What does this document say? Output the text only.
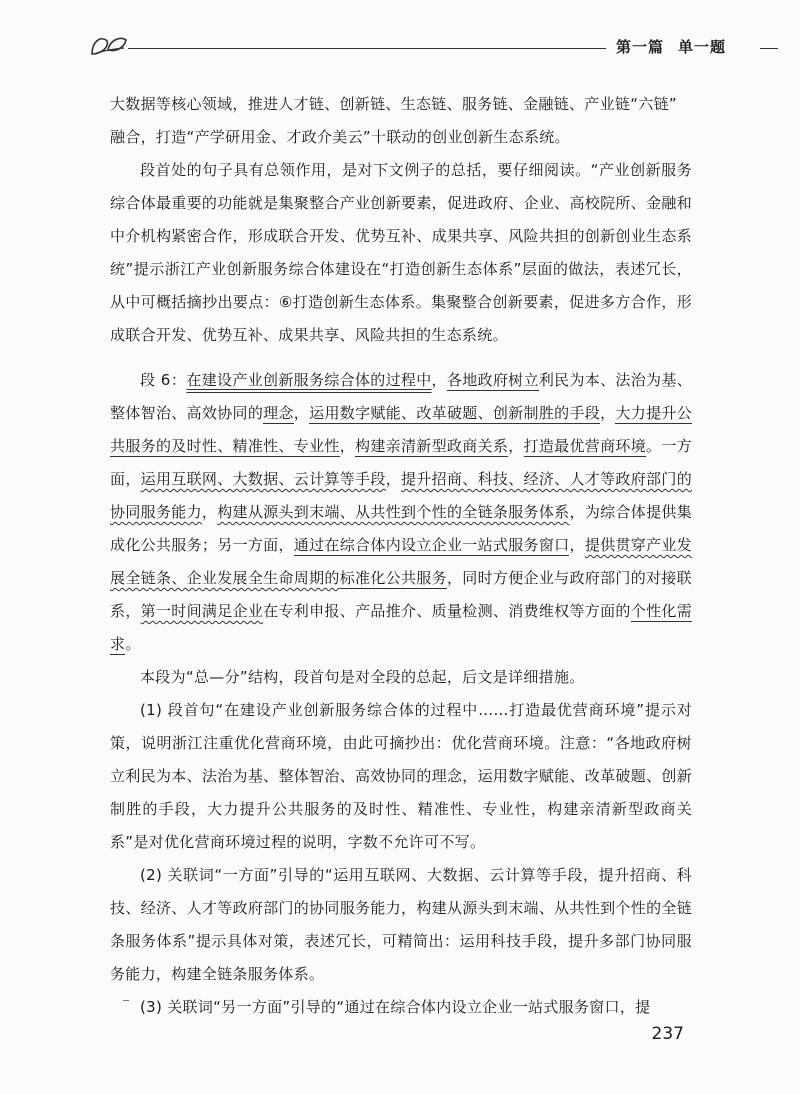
第一篇 单一题

大数据等核心领域，推进人才链、创新链、生态链、服务链、金融链、产业链“六链”
融合，打造“产学研用金、才政介美云”十联动的创业创新生态系统。

段首处的句子具有总领作用，是对下文例子的总括，要仔细阅读。“产业创新服务综合体最重要的功能就是集聚整合产业创新要素，促进政府、企业、高校院所、金融和中介机构紧密合作，形成联合开发、优势互补、成果共享、风险共担的创新创业生态系统”提示浙江产业创新服务综合体建设在“打造创新生态体系”层面的做法，表述冗长，从中可概括摘抄出要点：⑥打造创新生态体系。集聚整合创新要素，促进多方合作，形成联合开发、优势互补、成果共享、风险共担的生态系统。

段 6：在建设产业创新服务综合体的过程中，各地政府树立利民为本、法治为基、整体智治、高效协同的理念，运用数字赋能、改革破题、创新制胜的手段，大力提升公共服务的及时性、精准性、专业性，构建亲清新型政商关系，打造最优营商环境。一方面，运用互联网、大数据、云计算等手段，提升招商、科技、经济、人才等政府部门的协同服务能力，构建从源头到末端、从共性到个性的全链条服务体系，为综合体提供集成化公共服务；另一方面，通过在综合体内设立企业一站式服务窗口，提供贯穿产业发展全链条、企业发展全生命周期的标准化公共服务，同时方便企业与政府部门的对接联系，第一时间满足企业在专利申报、产品推介、质量检测、消费维权等方面的个性化需求。

本段为“总—分”结构，段首句是对全段的总起，后文是详细措施。

(1) 段首句“在建设产业创新服务综合体的过程中……打造最优营商环境”提示对策，说明浙江注重优化营商环境，由此可摘抄出：优化营商环境。注意：“各地政府树立利民为本、法治为基、整体智治、高效协同的理念，运用数字赋能、改革破题、创新制胜的手段，大力提升公共服务的及时性、精准性、专业性，构建亲清新型政商关系”是对优化营商环境过程的说明，字数不允许可不写。

(2) 关联词“一方面”引导的“运用互联网、大数据、云计算等手段，提升招商、科技、经济、人才等政府部门的协同服务能力，构建从源头到末端、从共性到个性的全链条服务体系”提示具体对策，表述冗长，可精简出：运用科技手段，提升多部门协同服务能力，构建全链条服务体系。

(3) 关联词“另一方面”引导的“通过在综合体内设立企业一站式服务窗口，提

237
